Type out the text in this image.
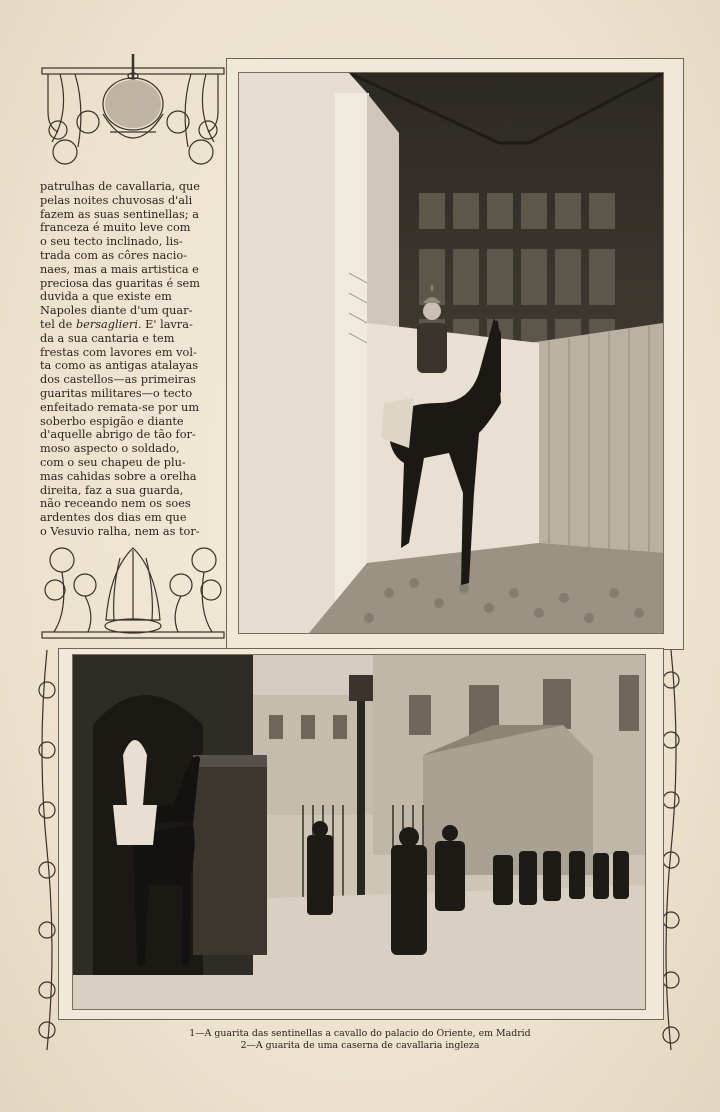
patrulhas de cavallaria, que

pelas noites chuvosas d'ali

fazem as suas sentinellas; a

franceza é muito leve com

o seu tecto inclinado, lis-

trada com as côres nacio-

naes, mas a mais artistica e

preciosa das guaritas é sem

duvida a que existe em

Napoles diante d'um quar-

tel de bersaglieri. E' lavra-

da a sua cantaria e tem

frestas com lavores em vol-

ta como as antigas atalayas

dos castellos—as primeiras

guaritas militares—o tecto

enfeitado remata-se por um

soberbo espigão e diante

d'aquelle abrigo de tão for-

moso aspecto o soldado,

com o seu chapeu de plu-

mas cahidas sobre a orelha

direita, faz a sua guarda,

não receando nem os soes

ardentes dos dias em que

o Vesuvio ralha, nem as tor-

1—A guarita das sentinellas a cavallo do palacio do Oriente, em Madrid
2—A guarita de uma caserna de cavallaria ingleza
